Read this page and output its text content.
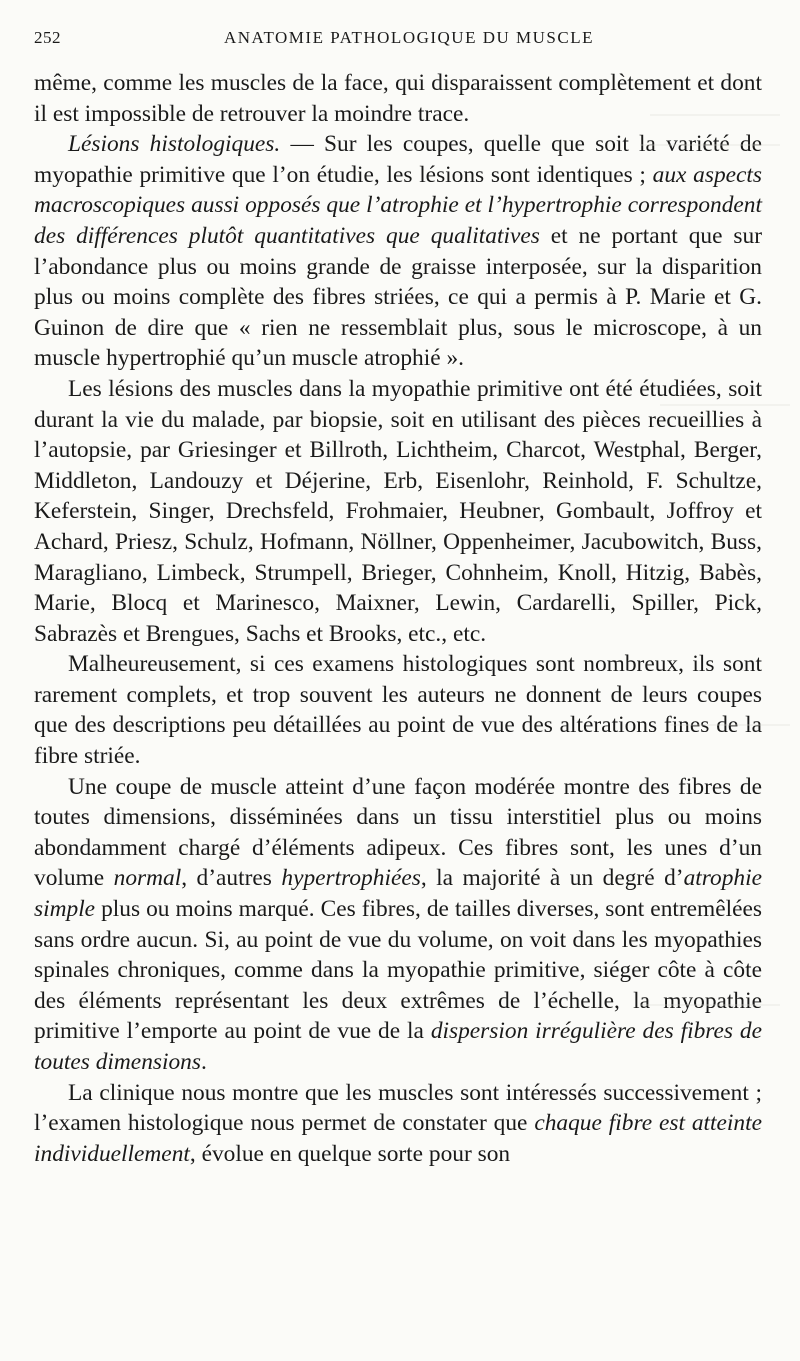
252	ANATOMIE PATHOLOGIQUE DU MUSCLE

même, comme les muscles de la face, qui disparaissent complètement et dont il est impossible de retrouver la moindre trace.

Lésions histologiques. — Sur les coupes, quelle que soit la variété de myopathie primitive que l’on étudie, les lésions sont identiques ; aux aspects macroscopiques aussi opposés que l’atrophie et l’hypertrophie correspondent des différences plutôt quantitatives que qualitatives et ne portant que sur l’abondance plus ou moins grande de graisse interposée, sur la disparition plus ou moins complète des fibres striées, ce qui a permis à P. Marie et G. Guinon de dire que « rien ne ressemblait plus, sous le microscope, à un muscle hypertrophié qu’un muscle atrophié ».

Les lésions des muscles dans la myopathie primitive ont été étudiées, soit durant la vie du malade, par biopsie, soit en utilisant des pièces recueillies à l’autopsie, par Griesinger et Billroth, Lichtheim, Charcot, Westphal, Berger, Middleton, Landouzy et Déjerine, Erb, Eisenlohr, Reinhold, F. Schultze, Keferstein, Singer, Drechsfeld, Frohmaier, Heubner, Gombault, Joffroy et Achard, Priesz, Schulz, Hofmann, Nöllner, Oppenheimer, Jacubowitch, Buss, Maragliano, Limbeck, Strumpell, Brieger, Cohnheim, Knoll, Hitzig, Babès, Marie, Blocq et Marinesco, Maixner, Lewin, Cardarelli, Spiller, Pick, Sabrazès et Brengues, Sachs et Brooks, etc., etc.

Malheureusement, si ces examens histologiques sont nombreux, ils sont rarement complets, et trop souvent les auteurs ne donnent de leurs coupes que des descriptions peu détaillées au point de vue des altérations fines de la fibre striée.

Une coupe de muscle atteint d’une façon modérée montre des fibres de toutes dimensions, disséminées dans un tissu interstitiel plus ou moins abondamment chargé d’éléments adipeux. Ces fibres sont, les unes d’un volume normal, d’autres hypertrophiées, la majorité à un degré d’atrophie simple plus ou moins marqué. Ces fibres, de tailles diverses, sont entremêlées sans ordre aucun. Si, au point de vue du volume, on voit dans les myopathies spinales chroniques, comme dans la myopathie primitive, siéger côte à côte des éléments représentant les deux extrêmes de l’échelle, la myopathie primitive l’emporte au point de vue de la dispersion irrégulière des fibres de toutes dimensions.

La clinique nous montre que les muscles sont intéressés successivement ; l’examen histologique nous permet de constater que chaque fibre est atteinte individuellement, évolue en quelque sorte pour son
